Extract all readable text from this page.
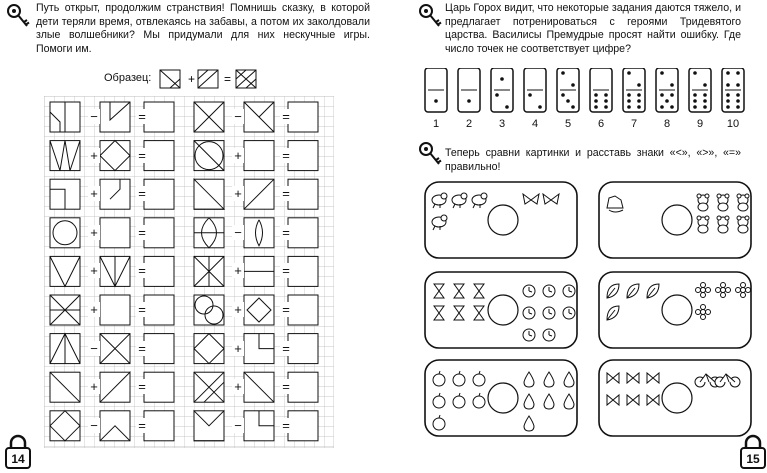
Путь открыт, продолжим странствия! Помнишь сказку, в которой дети теряли время, отвлекаясь на забавы, а потом их заколдовали злые волшебники? Мы придумали для них нескучные игры. Помоги им.
Образец:	+ =
−	=	−	=
+	=	+	=
+	=	+	=
+	=	−	=
+	=	+	=
+	=	+	=
−	=	+	=
+	=	+	=
−	=	−	=
14
Царь Горох видит, что некоторые задания даются тяжело, и предлагает потренироваться с героями Тридевятого царства. Василисы Премудрые просят найти ошибку. Где число точек не соответствует цифре?
1	2	3	4	5	6	7	8	9	10
Теперь сравни картинки и расставь знаки «<», «>», «=» правильно!
15
